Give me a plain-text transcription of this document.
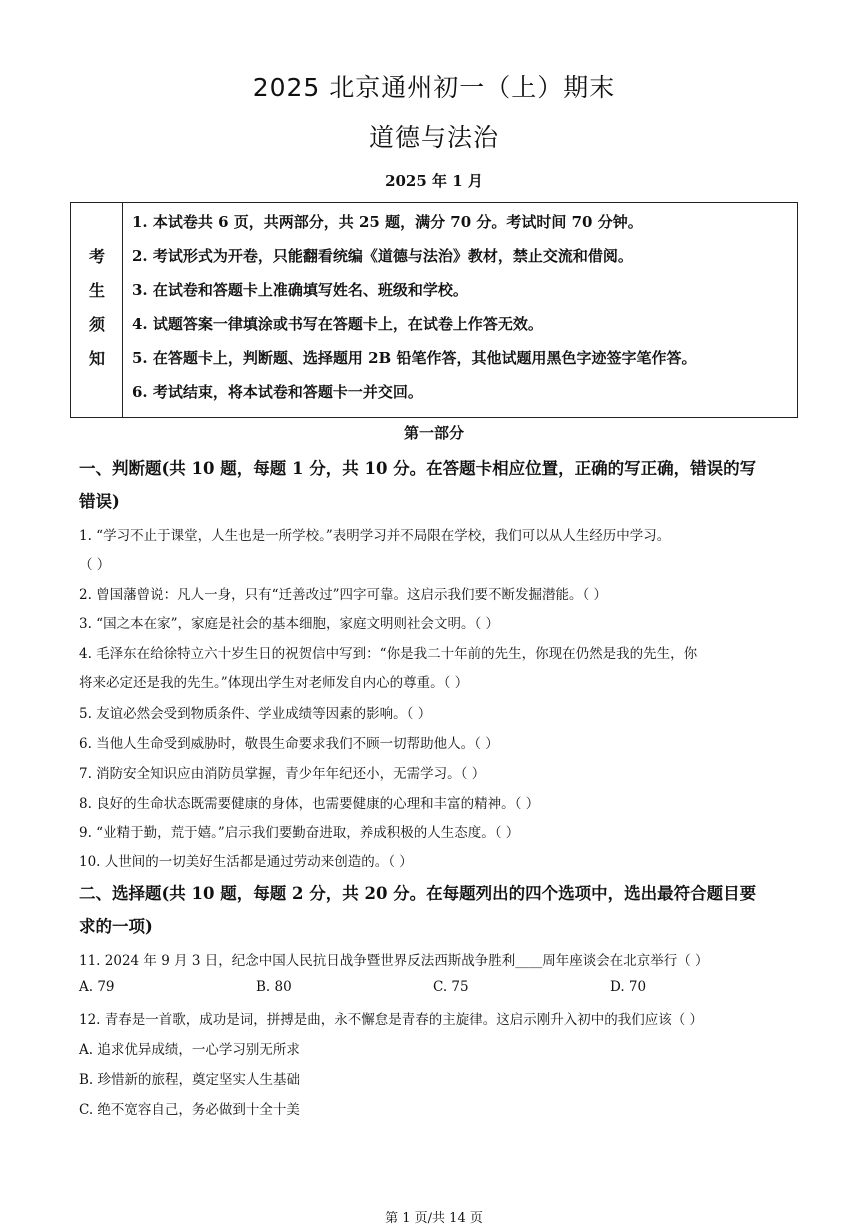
2025 北京通州初一（上）期末
道德与法治
2025 年 1 月
考
生
须
知
1. 本试卷共 6 页，共两部分，共 25 题，满分 70 分。考试时间 70 分钟。
2. 考试形式为开卷，只能翻看统编《道德与法治》教材，禁止交流和借阅。
3. 在试卷和答题卡上准确填写姓名、班级和学校。
4. 试题答案一律填涂或书写在答题卡上，在试卷上作答无效。
5. 在答题卡上，判断题、选择题用 2B 铅笔作答，其他试题用黑色字迹签字笔作答。
6. 考试结束，将本试卷和答题卡一并交回。
第一部分
一、判断题(共 10 题，每题 1 分，共 10 分。在答题卡相应位置，正确的写正确，错误的写
错误)
1. “学习不止于课堂，人生也是一所学校。”表明学习并不局限在学校，我们可以从人生经历中学习。
（ ）
2. 曾国藩曾说：凡人一身，只有“迁善改过”四字可靠。这启示我们要不断发掘潜能。（ ）
3. “国之本在家”，家庭是社会的基本细胞，家庭文明则社会文明。（ ）
4. 毛泽东在给徐特立六十岁生日的祝贺信中写到：“你是我二十年前的先生，你现在仍然是我的先生，你
将来必定还是我的先生。”体现出学生对老师发自内心的尊重。（ ）
5. 友谊必然会受到物质条件、学业成绩等因素的影响。（ ）
6. 当他人生命受到威胁时，敬畏生命要求我们不顾一切帮助他人。（ ）
7. 消防安全知识应由消防员掌握，青少年年纪还小，无需学习。（ ）
8. 良好的生命状态既需要健康的身体，也需要健康的心理和丰富的精神。（ ）
9. “业精于勤，荒于嬉。”启示我们要勤奋进取，养成积极的人生态度。（ ）
10. 人世间的一切美好生活都是通过劳动来创造的。（ ）
二、选择题(共 10 题，每题 2 分，共 20 分。在每题列出的四个选项中，选出最符合题目要
求的一项)
11. 2024 年 9 月 3 日，纪念中国人民抗日战争暨世界反法西斯战争胜利____周年座谈会在北京举行（ ）
A. 79	B. 80	C. 75	D. 70
12. 青春是一首歌，成功是词，拼搏是曲，永不懈怠是青春的主旋律。这启示刚升入初中的我们应该（ ）
A. 追求优异成绩，一心学习别无所求
B. 珍惜新的旅程，奠定坚实人生基础
C. 绝不宽容自己，务必做到十全十美
第 1 页/共 14 页
